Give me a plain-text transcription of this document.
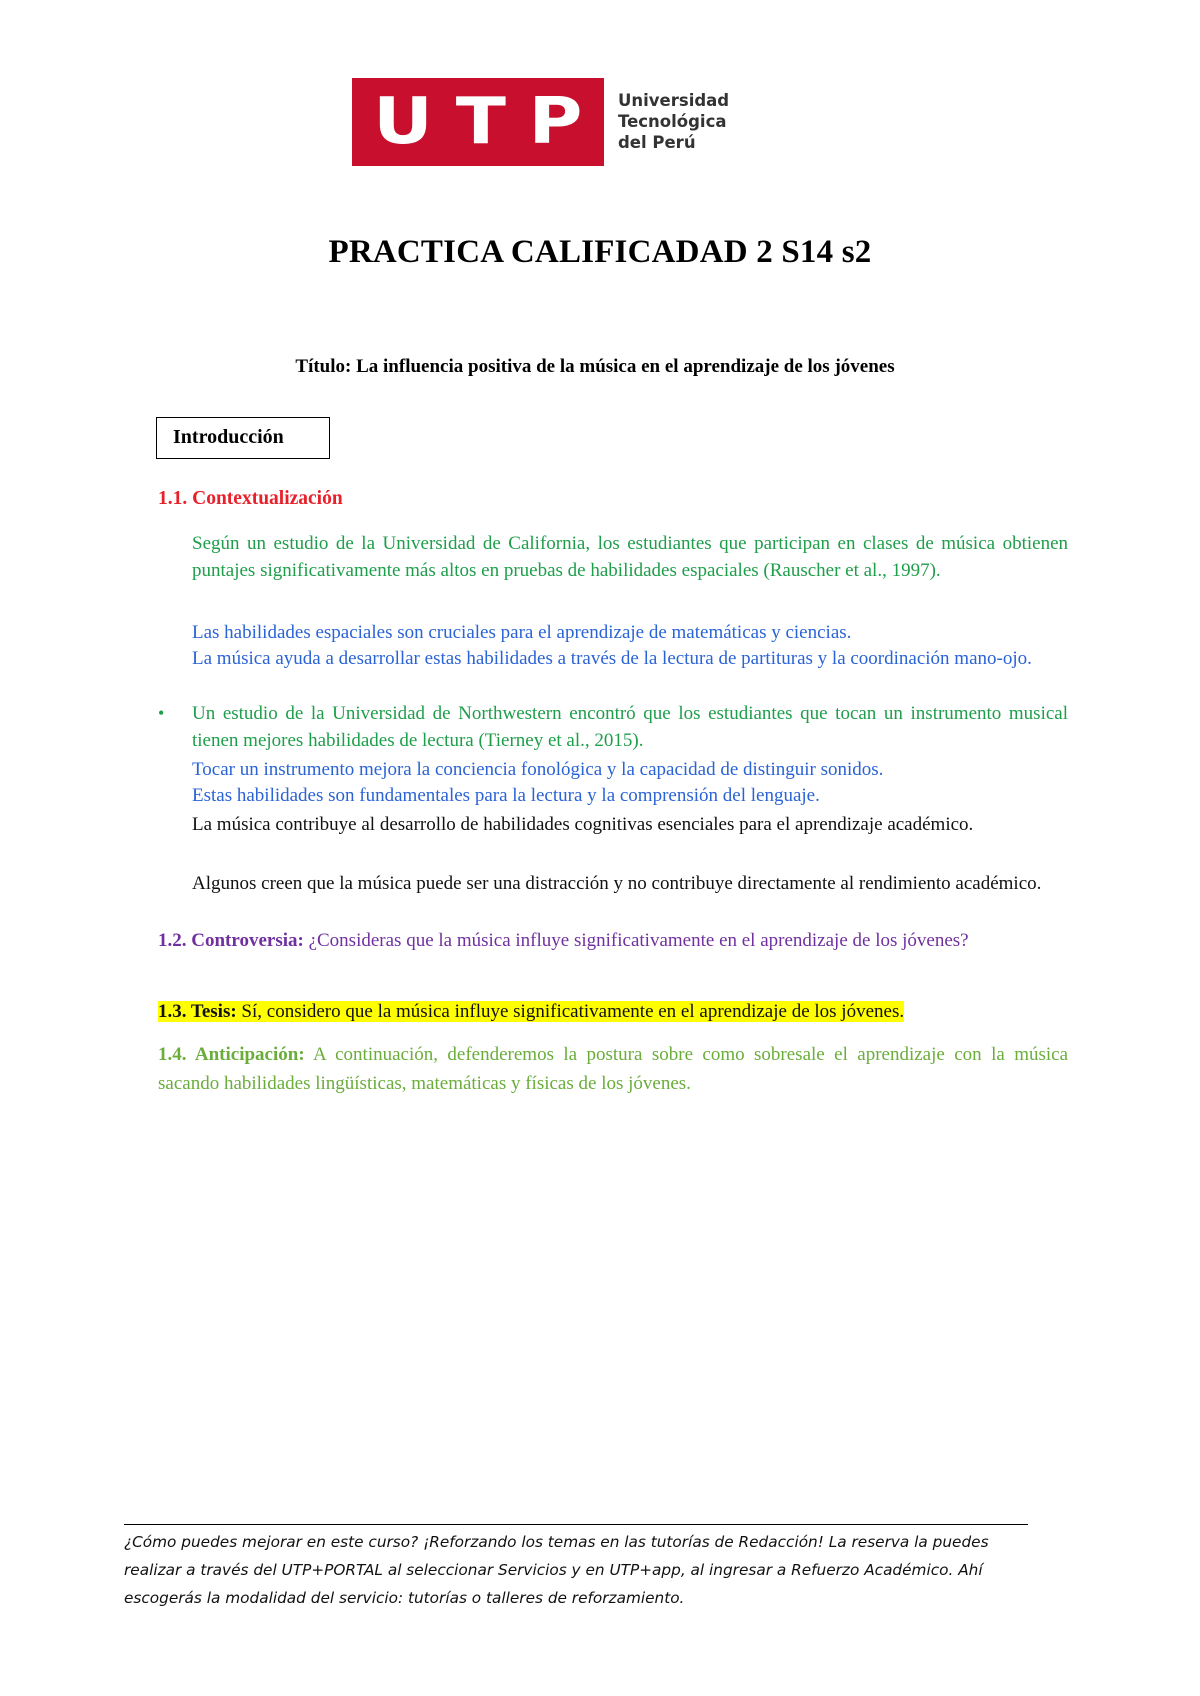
U T P Universidad
Tecnológica
del Perú
PRACTICA CALIFICADAD 2 S14 s2
Título: La influencia positiva de la música en el aprendizaje de los jóvenes
Introducción

1.1. Contextualización

Según un estudio de la Universidad de California, los estudiantes que participan en clases de música obtienen puntajes significativamente más altos en pruebas de habilidades espaciales (Rauscher et al., 1997).

Las habilidades espaciales son cruciales para el aprendizaje de matemáticas y ciencias.

La música ayuda a desarrollar estas habilidades a través de la lectura de partituras y la coordinación mano-ojo.

• Un estudio de la Universidad de Northwestern encontró que los estudiantes que tocan un instrumento musical tienen mejores habilidades de lectura (Tierney et al., 2015).

Tocar un instrumento mejora la conciencia fonológica y la capacidad de distinguir sonidos.

Estas habilidades son fundamentales para la lectura y la comprensión del lenguaje.

La música contribuye al desarrollo de habilidades cognitivas esenciales para el aprendizaje académico.

Algunos creen que la música puede ser una distracción y no contribuye directamente al rendimiento académico.

1.2. Controversia: ¿Consideras que la música influye significativamente en el aprendizaje de los jóvenes?

1.3. Tesis: Sí, considero que la música influye significativamente en el aprendizaje de los jóvenes.

1.4. Anticipación: A continuación, defenderemos la postura sobre como sobresale el aprendizaje con la música sacando habilidades lingüísticas, matemáticas y físicas de los jóvenes.

¿Cómo puedes mejorar en este curso? ¡Reforzando los temas en las tutorías de Redacción! La reserva la puedes realizar a través del UTP+PORTAL al seleccionar Servicios y en UTP+app, al ingresar a Refuerzo Académico. Ahí escogerás la modalidad del servicio: tutorías o talleres de reforzamiento.
